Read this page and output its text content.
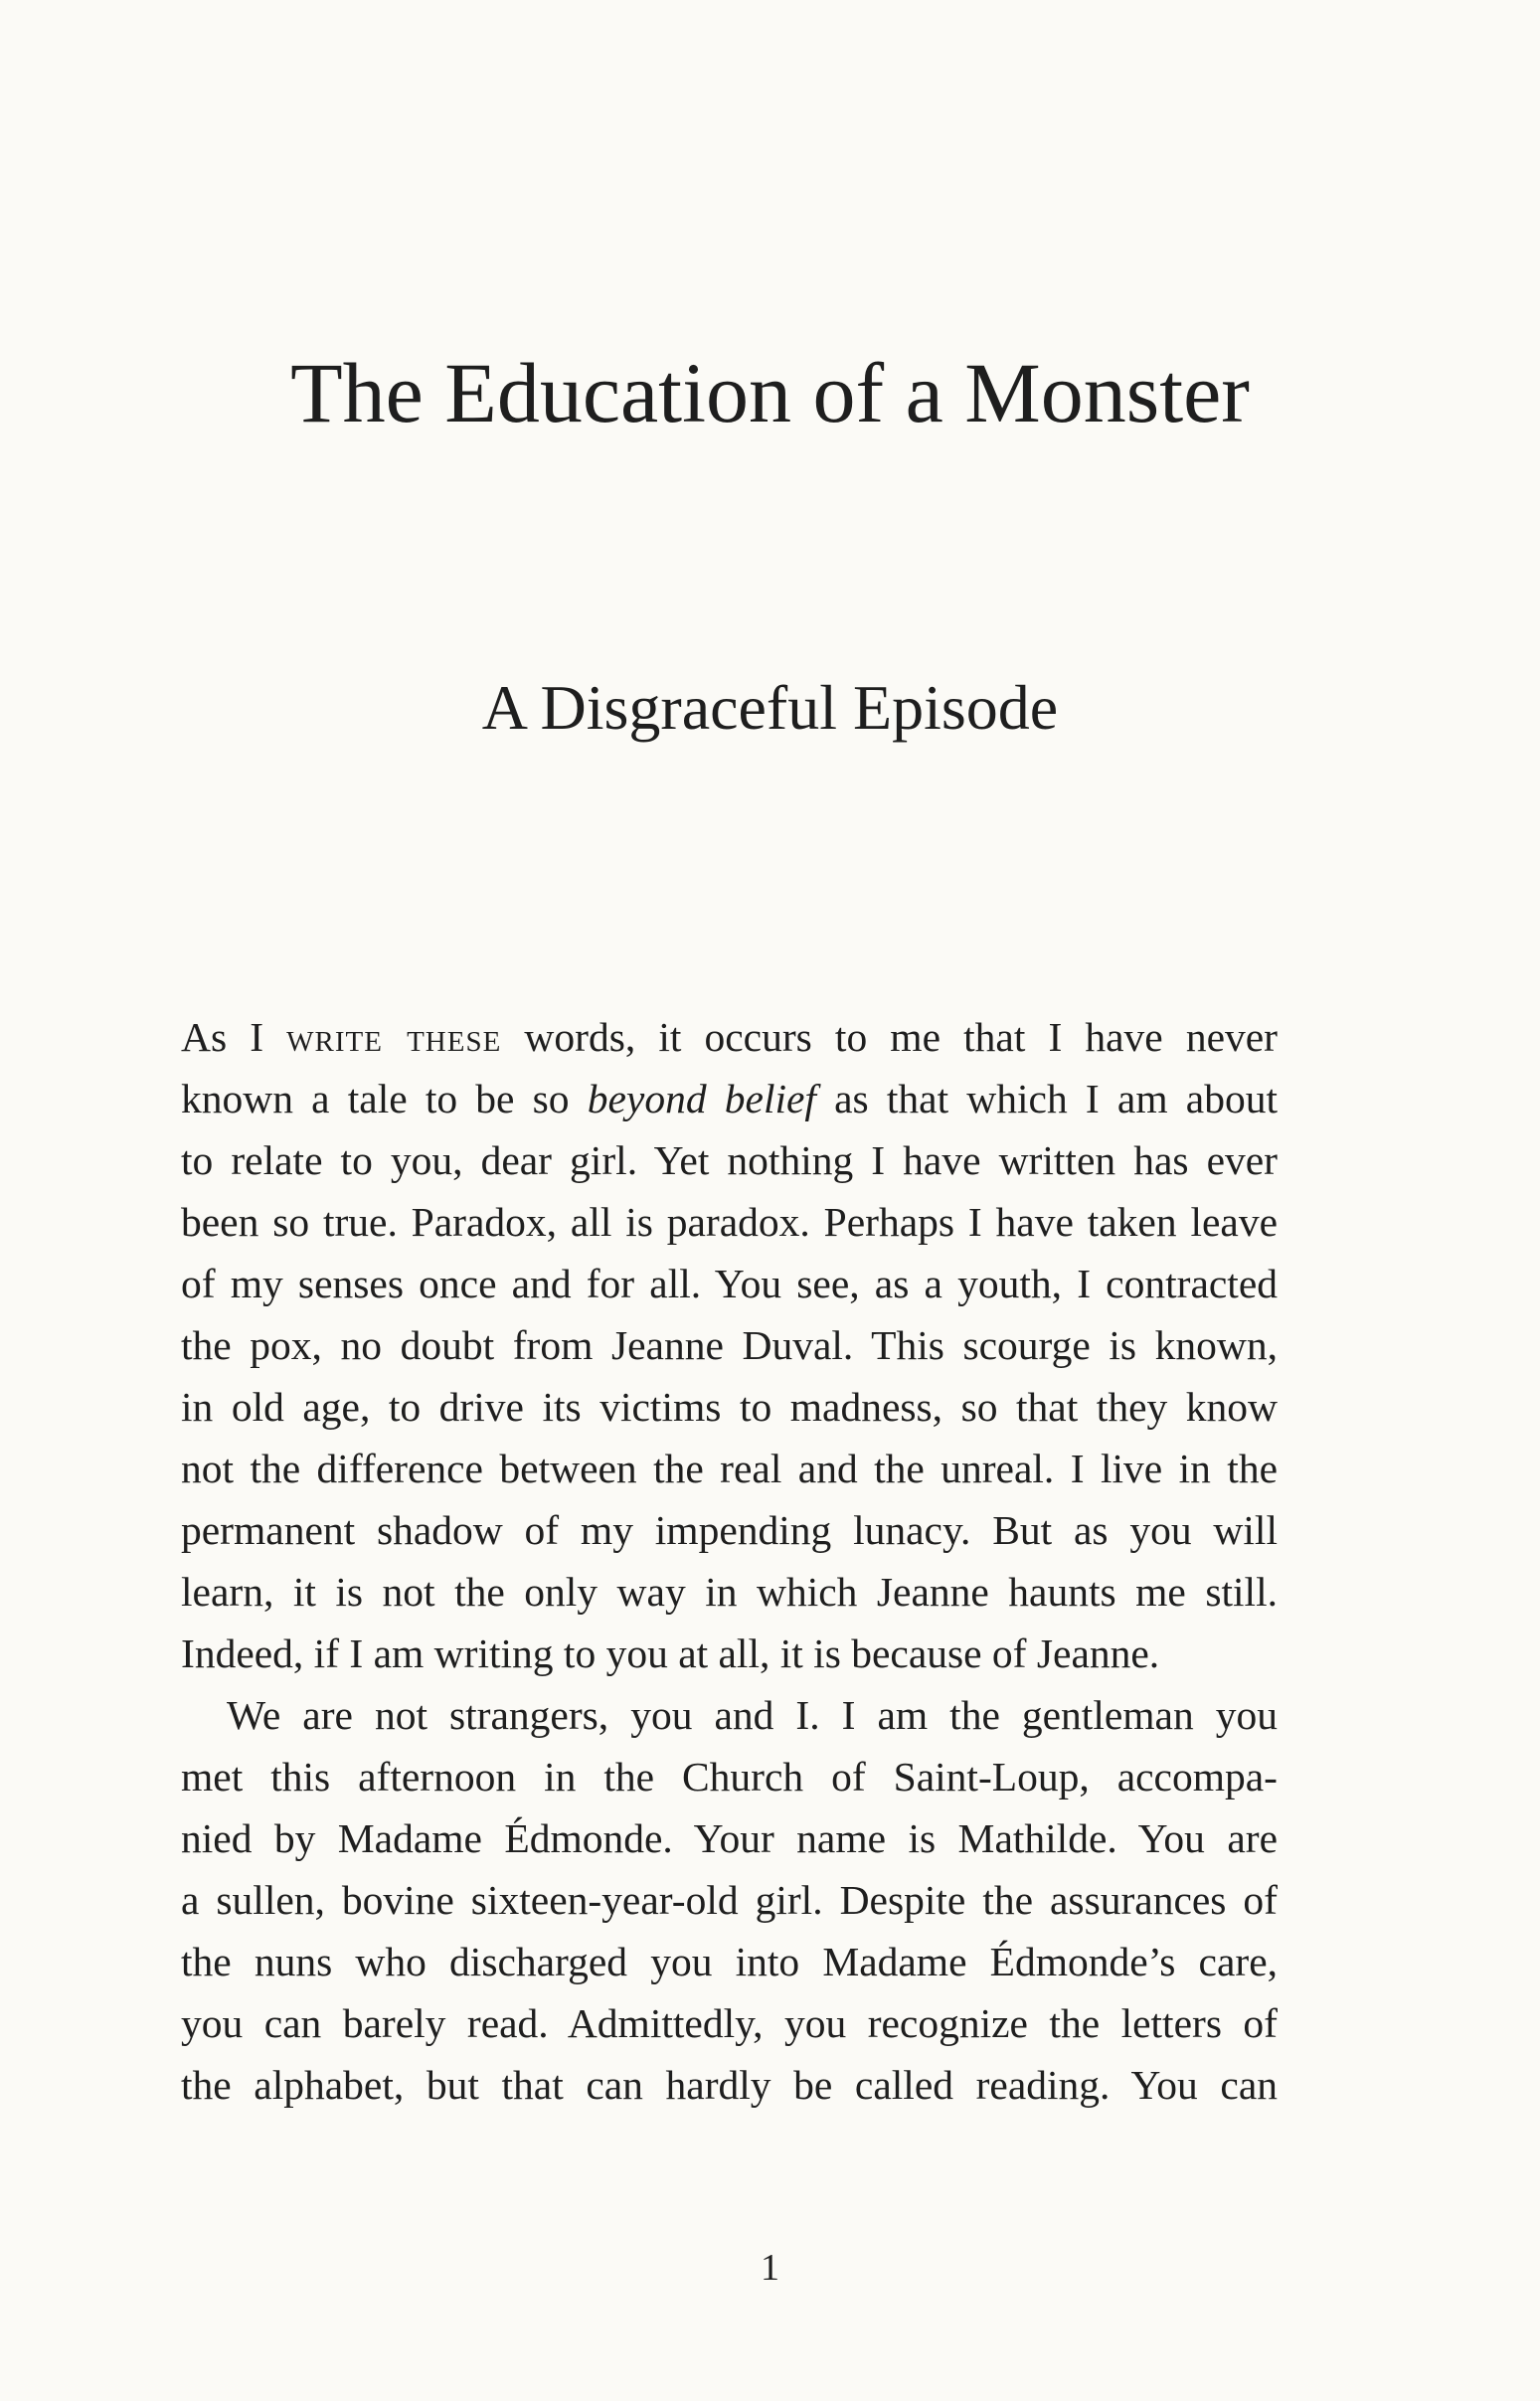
The Education of a Monster
A Disgraceful Episode

As I write these words, it occurs to me that I have never
known a tale to be so beyond belief as that which I am about
to relate to you, dear girl. Yet nothing I have written has ever
been so true. Paradox, all is paradox. Perhaps I have taken leave
of my senses once and for all. You see, as a youth, I contracted
the pox, no doubt from Jeanne Duval. This scourge is known,
in old age, to drive its victims to madness, so that they know
not the difference between the real and the unreal. I live in the
permanent shadow of my impending lunacy. But as you will
learn, it is not the only way in which Jeanne haunts me still.
Indeed, if I am writing to you at all, it is because of Jeanne.

We are not strangers, you and I. I am the gentleman you
met this afternoon in the Church of Saint-Loup, accompa-
nied by Madame Édmonde. Your name is Mathilde. You are
a sullen, bovine sixteen-year-old girl. Despite the assurances of
the nuns who discharged you into Madame Édmonde’s care,
you can barely read. Admittedly, you recognize the letters of
the alphabet, but that can hardly be called reading. You can

1
